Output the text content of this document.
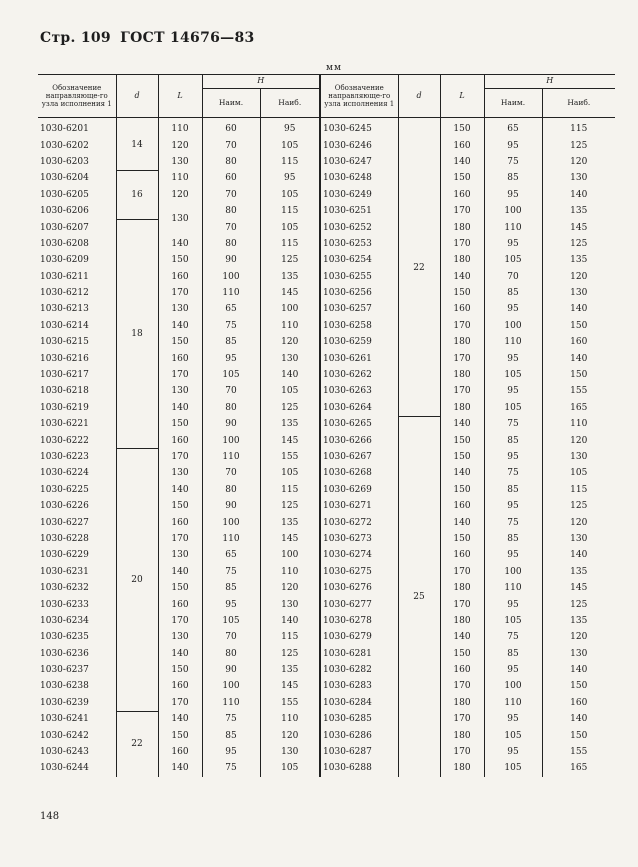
Стр. 109 ГОСТ 14676—83
мм
Обозначение направляюще-го узла исполнения 1	d	L	H		Обозначение направляюще-го узла исполнения 1	d	L	H	
			Наим.	Наиб.				Наим.	Наиб.
1030-6201	14	110	60	95	1030-6245	22	150	65	115
1030-6202		120	70	105	1030-6246		160	95	125
1030-6203		130	80	115	1030-6247		140	75	120
1030-6204	16	110	60	95	1030-6248		150	85	130
1030-6205		120	70	105	1030-6249		160	95	140
1030-6206		130	80	115	1030-6251		170	100	135
1030-6207	18		70	105	1030-6252		180	110	145
1030-6208		140	80	115	1030-6253		170	95	125
1030-6209		150	90	125	1030-6254		180	105	135
1030-6211		160	100	135	1030-6255		140	70	120
1030-6212		170	110	145	1030-6256		150	85	130
1030-6213		130	65	100	1030-6257		160	95	140
1030-6214		140	75	110	1030-6258		170	100	150
1030-6215		150	85	120	1030-6259		180	110	160
1030-6216		160	95	130	1030-6261		170	95	140
1030-6217		170	105	140	1030-6262		180	105	150
1030-6218		130	70	105	1030-6263		170	95	155
1030-6219		140	80	125	1030-6264		180	105	165
1030-6221		150	90	135	1030-6265	25	140	75	110
1030-6222		160	100	145	1030-6266		150	85	120
1030-6223	20	170	110	155	1030-6267		150	95	130
1030-6224		130	70	105	1030-6268		140	75	105
1030-6225		140	80	115	1030-6269		150	85	115
1030-6226		150	90	125	1030-6271		160	95	125
1030-6227		160	100	135	1030-6272		140	75	120
1030-6228		170	110	145	1030-6273		150	85	130
1030-6229		130	65	100	1030-6274		160	95	140
1030-6231		140	75	110	1030-6275		170	100	135
1030-6232		150	85	120	1030-6276		180	110	145
1030-6233		160	95	130	1030-6277		170	95	125
1030-6234		170	105	140	1030-6278		180	105	135
1030-6235		130	70	115	1030-6279		140	75	120
1030-6236		140	80	125	1030-6281		150	85	130
1030-6237		150	90	135	1030-6282		160	95	140
1030-6238		160	100	145	1030-6283		170	100	150
1030-6239		170	110	155	1030-6284		180	110	160
1030-6241	22	140	75	110	1030-6285		170	95	140
1030-6242		150	85	120	1030-6286		180	105	150
1030-6243		160	95	130	1030-6287		170	95	155
1030-6244		140	75	105	1030-6288		180	105	165
148
